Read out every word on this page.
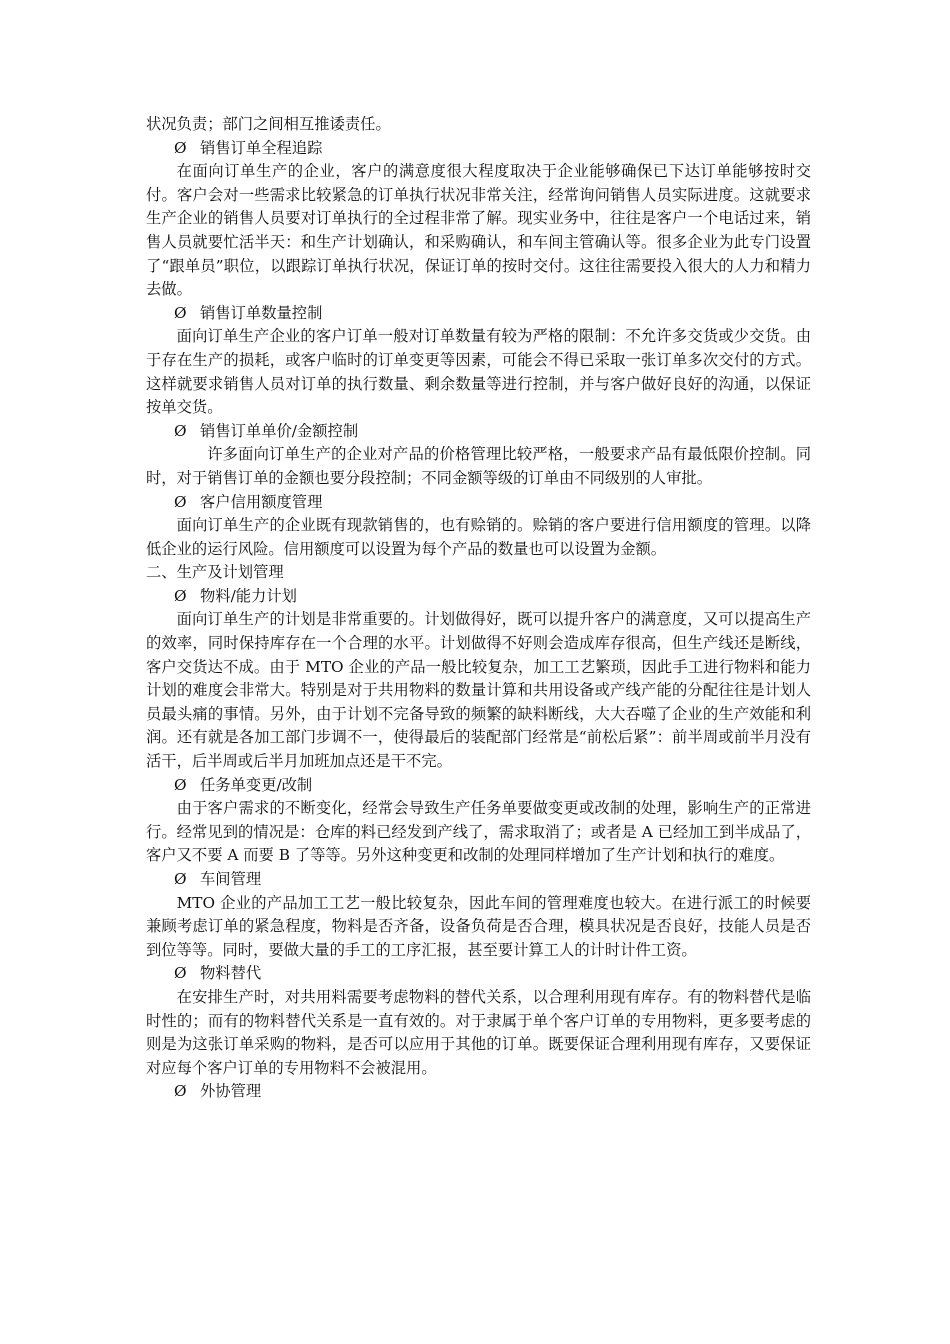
状况负责；部门之间相互推诿责任。

Ø 销售订单全程追踪

在面向订单生产的企业，客户的满意度很大程度取决于企业能够确保已下达订单能够按时交付。客户会对一些需求比较紧急的订单执行状况非常关注，经常询问销售人员实际进度。这就要求生产企业的销售人员要对订单执行的全过程非常了解。现实业务中，往往是客户一个电话过来，销售人员就要忙活半天：和生产计划确认，和采购确认，和车间主管确认等。很多企业为此专门设置了“跟单员”职位，以跟踪订单执行状况，保证订单的按时交付。这往往需要投入很大的人力和精力去做。

Ø 销售订单数量控制

面向订单生产企业的客户订单一般对订单数量有较为严格的限制：不允许多交货或少交货。由于存在生产的损耗，或客户临时的订单变更等因素，可能会不得已采取一张订单多次交付的方式。这样就要求销售人员对订单的执行数量、剩余数量等进行控制，并与客户做好良好的沟通，以保证按单交货。

Ø 销售订单单价/金额控制

许多面向订单生产的企业对产品的价格管理比较严格，一般要求产品有最低限价控制。同时，对于销售订单的金额也要分段控制；不同金额等级的订单由不同级别的人审批。

Ø 客户信用额度管理

面向订单生产的企业既有现款销售的，也有赊销的。赊销的客户要进行信用额度的管理。以降低企业的运行风险。信用额度可以设置为每个产品的数量也可以设置为金额。

二、生产及计划管理

Ø 物料/能力计划

面向订单生产的计划是非常重要的。计划做得好，既可以提升客户的满意度，又可以提高生产的效率，同时保持库存在一个合理的水平。计划做得不好则会造成库存很高，但生产线还是断线，客户交货达不成。由于 MTO 企业的产品一般比较复杂，加工工艺繁琐，因此手工进行物料和能力计划的难度会非常大。特别是对于共用物料的数量计算和共用设备或产线产能的分配往往是计划人员最头痛的事情。另外，由于计划不完备导致的频繁的缺料断线，大大吞噬了企业的生产效能和利润。还有就是各加工部门步调不一，使得最后的装配部门经常是“前松后紧”：前半周或前半月没有活干，后半周或后半月加班加点还是干不完。

Ø 任务单变更/改制

由于客户需求的不断变化，经常会导致生产任务单要做变更或改制的处理，影响生产的正常进行。经常见到的情况是：仓库的料已经发到产线了，需求取消了；或者是 A 已经加工到半成品了，客户又不要 A 而要 B 了等等。另外这种变更和改制的处理同样增加了生产计划和执行的难度。

Ø 车间管理

MTO 企业的产品加工工艺一般比较复杂，因此车间的管理难度也较大。在进行派工的时候要兼顾考虑订单的紧急程度，物料是否齐备，设备负荷是否合理，模具状况是否良好，技能人员是否到位等等。同时，要做大量的手工的工序汇报，甚至要计算工人的计时计件工资。

Ø 物料替代

在安排生产时，对共用料需要考虑物料的替代关系，以合理利用现有库存。有的物料替代是临时性的；而有的物料替代关系是一直有效的。对于隶属于单个客户订单的专用物料，更多要考虑的则是为这张订单采购的物料，是否可以应用于其他的订单。既要保证合理利用现有库存，又要保证对应每个客户订单的专用物料不会被混用。

Ø 外协管理
